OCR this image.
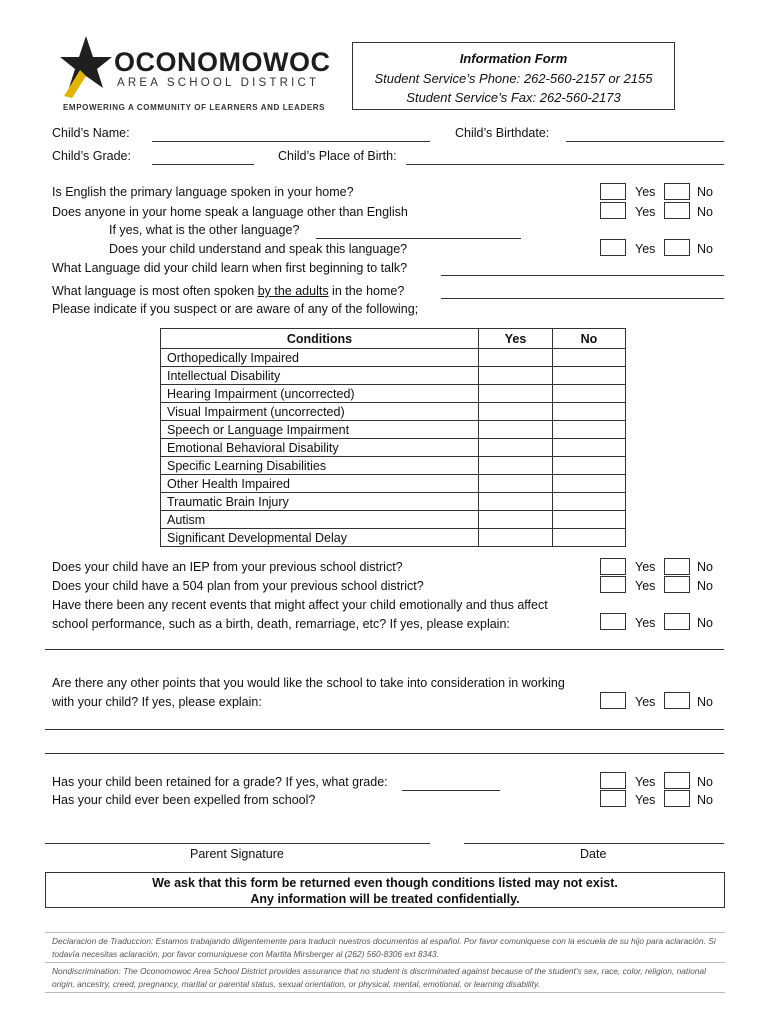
OCONOMOWOC
AREA SCHOOL DISTRICT
EMPOWERING A COMMUNITY OF LEARNERS AND LEADERS
Information Form
Student Service’s Phone: 262-560-2157 or 2155
Student Service’s Fax: 262-560-2173
Child’s Name:	Child’s Birthdate:
Child’s Grade:	Child’s Place of Birth:
Is English the primary language spoken in your home?	Yes	No
Does anyone in your home speak a language other than English	Yes	No
If yes, what is the other language?
Does your child understand and speak this language?	Yes	No
What Language did your child learn when first beginning to talk?
What language is most often spoken by the adults in the home?
Please indicate if you suspect or are aware of any of the following;
Conditions	Yes	No
Orthopedically Impaired		
Intellectual Disability		
Hearing Impairment (uncorrected)		
Visual Impairment (uncorrected)		
Speech or Language Impairment		
Emotional Behavioral Disability		
Specific Learning Disabilities		
Other Health Impaired		
Traumatic Brain Injury		
Autism		
Significant Developmental Delay		
Does your child have an IEP from your previous school district?	Yes	No
Does your child have a 504 plan from your previous school district?	Yes	No
Have there been any recent events that might affect your child emotionally and thus affect
school performance, such as a birth, death, remarriage, etc? If yes, please explain:	Yes	No
Are there any other points that you would like the school to take into consideration in working
with your child? If yes, please explain:	Yes	No
Has your child been retained for a grade? If yes, what grade:	Yes	No
Has your child ever been expelled from school?	Yes	No
Parent Signature	Date
We ask that this form be returned even though conditions listed may not exist.
Any information will be treated confidentially.
Declaracion de Traduccion: Estamos trabajando diligentemente para traducir nuestros documentos al español. Por favor comuniquese con la escuela de su hijo para aclaración. Si todavía necesitas aclaración, por favor comuniquese con Martita Mirsberger al (262) 560-8306 ext 8343.
Nondiscrimination: The Oconomowoc Area School District provides assurance that no student is discriminated against because of the student's sex, race, color, religion, national origin, ancestry, creed, pregnancy, marital or parental status, sexual orientation, or physical, mental, emotional, or learning disability.
